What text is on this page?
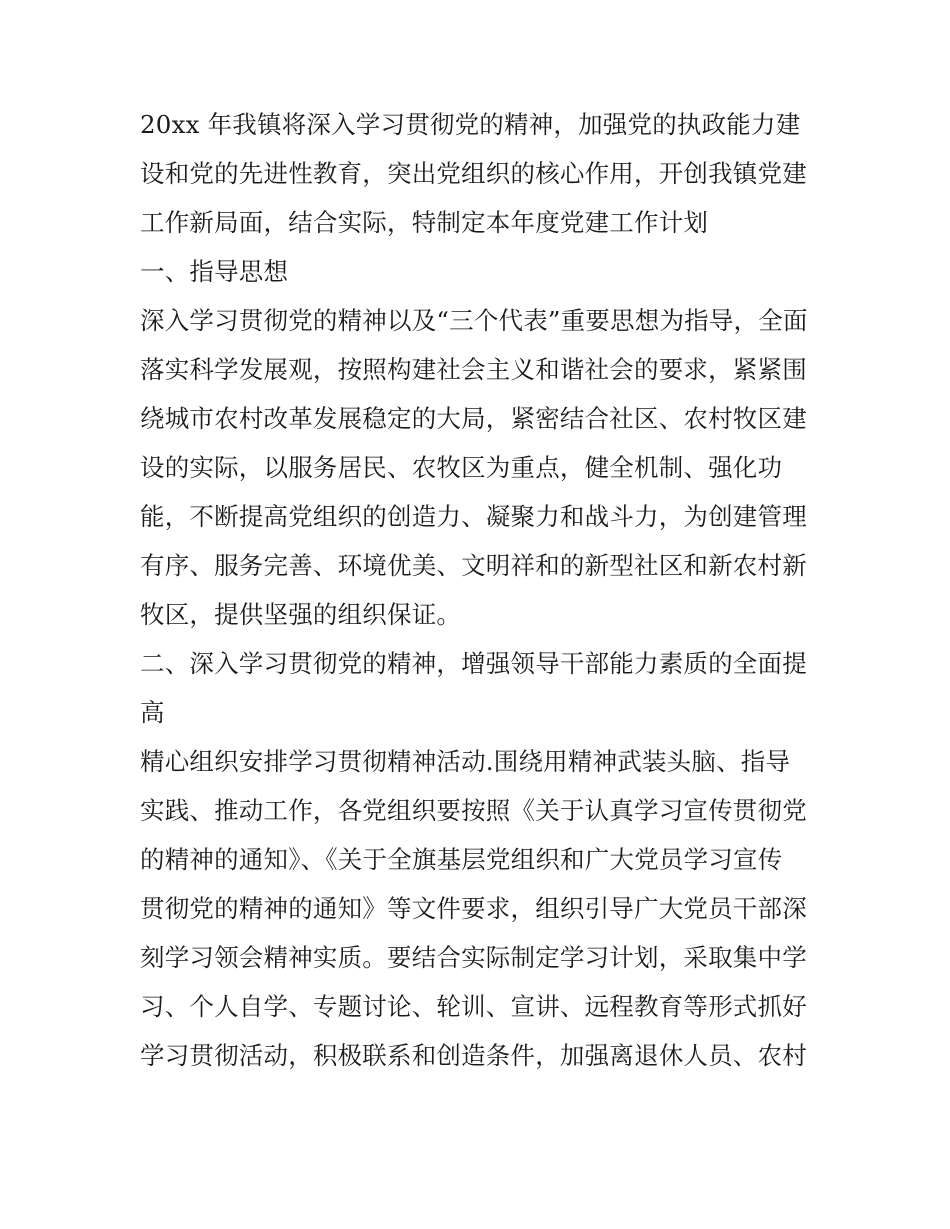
20xx 年我镇将深入学习贯彻党的精神，加强党的执政能力建
设和党的先进性教育，突出党组织的核心作用，开创我镇党建
工作新局面，结合实际，特制定本年度党建工作计划
一、指导思想
深入学习贯彻党的精神以及“三个代表”重要思想为指导，全面
落实科学发展观，按照构建社会主义和谐社会的要求，紧紧围
绕城市农村改革发展稳定的大局，紧密结合社区、农村牧区建
设的实际，以服务居民、农牧区为重点，健全机制、强化功
能，不断提高党组织的创造力、凝聚力和战斗力，为创建管理
有序、服务完善、环境优美、文明祥和的新型社区和新农村新
牧区，提供坚强的组织保证。
二、深入学习贯彻党的精神，增强领导干部能力素质的全面提
高
精心组织安排学习贯彻精神活动.围绕用精神武装头脑、指导
实践、推动工作，各党组织要按照《关于认真学习宣传贯彻党
的精神的通知》、《关于全旗基层党组织和广大党员学习宣传
贯彻党的精神的通知》等文件要求，组织引导广大党员干部深
刻学习领会精神实质。要结合实际制定学习计划，采取集中学
习、个人自学、专题讨论、轮训、宣讲、远程教育等形式抓好
学习贯彻活动，积极联系和创造条件，加强离退休人员、农村
